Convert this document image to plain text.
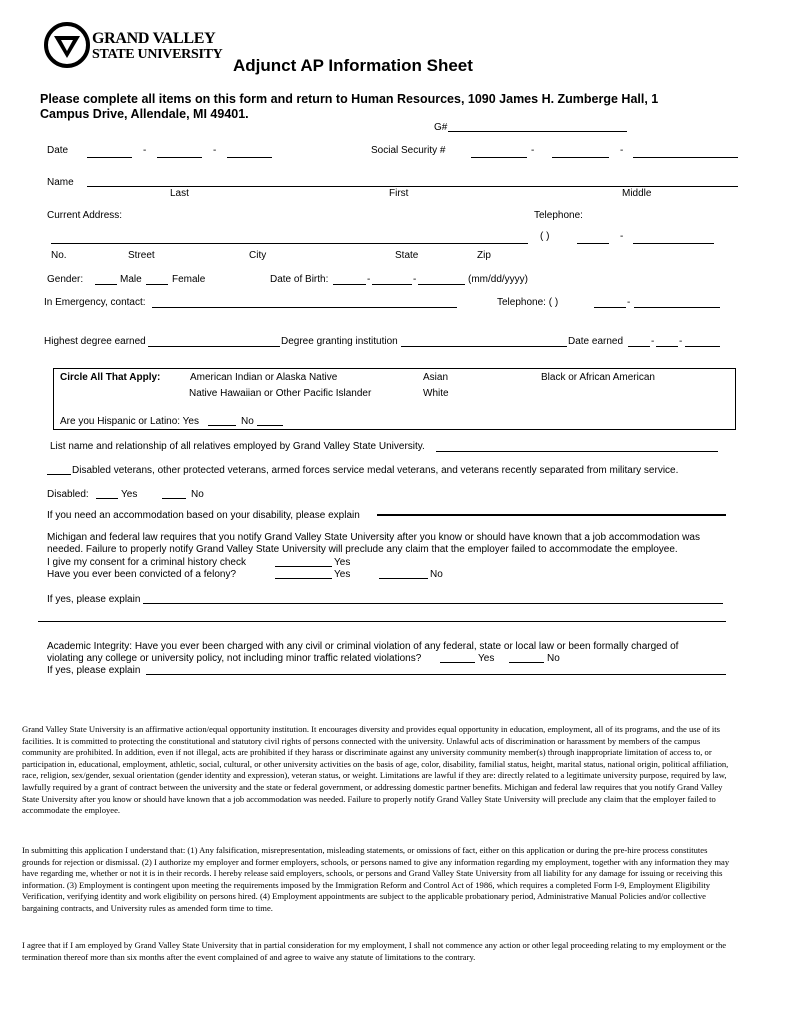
GRAND VALLEY
STATE UNIVERSITY
Adjunct AP Information Sheet
Please complete all items on this form and return to Human Resources, 1090 James H. Zumberge Hall, 1
Campus Drive, Allendale, MI 49401.
G#
Date	-	-	Social Security #	-	-
Name
Last	First	Middle
Current Address:	Telephone:
( )	-
No.	Street	City	State	Zip
Gender:	Male	Female	Date of Birth:	-	-	(mm/dd/yyyy)
In Emergency, contact:	Telephone: ( )	-
Highest degree earned	Degree granting institution	Date earned	- -
Circle All That Apply:	American Indian or Alaska Native	Asian	Black or African American
Native Hawaiian or Other Pacific Islander	White
Are you Hispanic or Latino: Yes	No
List name and relationship of all relatives employed by Grand Valley State University.
Disabled veterans, other protected veterans, armed forces service medal veterans, and veterans recently separated from military service.
Disabled:	Yes	No
If you need an accommodation based on your disability, please explain
Michigan and federal law requires that you notify Grand Valley State University after you know or should have known that a job accommodation was
needed. Failure to properly notify Grand Valley State University will preclude any claim that the employer failed to accommodate the employee.
I give my consent for a criminal history check	Yes
Have you ever been convicted of a felony?	Yes	No
If yes, please explain
Academic Integrity: Have you ever been charged with any civil or criminal violation of any federal, state or local law or been formally charged of
violating any college or university policy, not including minor traffic related violations?	Yes	No
If yes, please explain
Grand Valley State University is an affirmative action/equal opportunity institution. It encourages diversity and provides equal opportunity in education, employment, all of its programs, and the use of its facilities. It is committed to protecting the constitutional and statutory civil rights of persons connected with the university. Unlawful acts of discrimination or harassment by members of the campus community are prohibited. In addition, even if not illegal, acts are prohibited if they harass or discriminate against any university community member(s) through inappropriate limitation of access to, or participation in, educational, employment, athletic, social, cultural, or other university activities on the basis of age, color, disability, familial status, height, marital status, national origin, political affiliation, race, religion, sex/gender, sexual orientation (gender identity and expression), veteran status, or weight. Limitations are lawful if they are: directly related to a legitimate university purpose, required by law, lawfully required by a grant of contract between the university and the state or federal government, or addressing domestic partner benefits. Michigan and federal law requires that you notify Grand Valley State University after you know or should have known that a job accommodation was needed. Failure to properly notify Grand Valley State University will preclude any claim that the employer failed to accommodate the employee.
In submitting this application I understand that: (1) Any falsification, misrepresentation, misleading statements, or omissions of fact, either on this application or during the pre-hire process constitutes grounds for rejection or dismissal. (2) I authorize my employer and former employers, schools, or persons named to give any information regarding my employment, together with any information they may have regarding me, whether or not it is in their records. I hereby release said employers, schools, or persons and Grand Valley State University from all liability for any damage for issuing or receiving this information. (3) Employment is contingent upon meeting the requirements imposed by the Immigration Reform and Control Act of 1986, which requires a completed Form I-9, Employment Eligibility Verification, verifying identity and work eligibility on persons hired. (4) Employment appointments are subject to the applicable probationary period, Administrative Manual Policies and/or collective bargaining contracts, and University rules as amended form time to time.
I agree that if I am employed by Grand Valley State University that in partial consideration for my employment, I shall not commence any action or other legal proceeding relating to my employment or the termination thereof more than six months after the event complained of and agree to waive any statute of limitations to the contrary.
